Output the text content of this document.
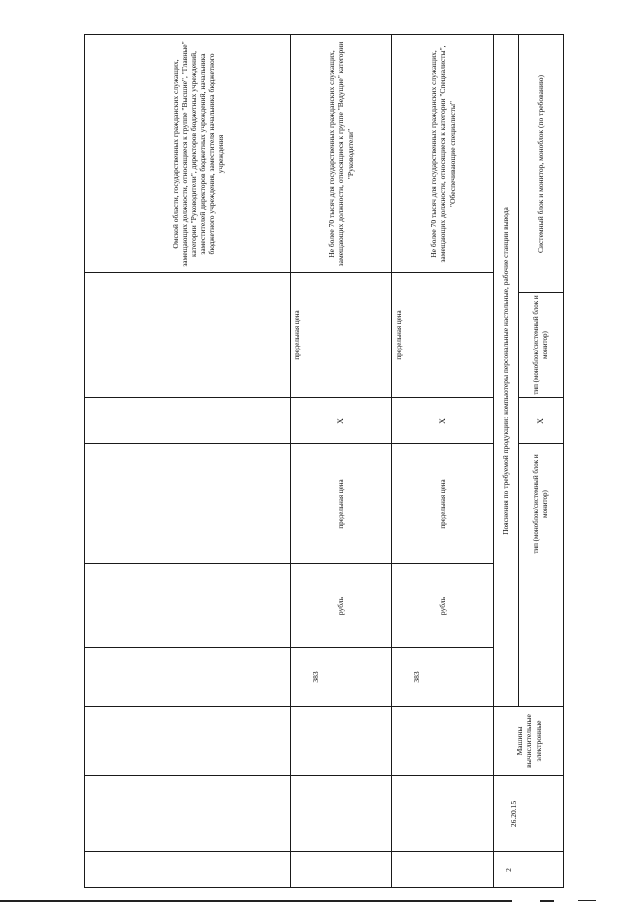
Омской области, государственных гражданских служащих, замещающих должности, относящиеся к группе "Высшие", "Главные" категории "Руководители", директоров бюджетных учреждений, заместителей директоров бюджетных учреждений, начальника бюджетного учреждения, заместителя начальника бюджетного учреждения	Не более 70 тысяч для государственных гражданских служащих, замещающих должности, относящиеся к группе "Ведущие" категории "Руководители"
предельная цена
X
предельная цена
рубль
383
Не более 70 тысяч для государственных гражданских служащих, замещающих должности, относящиеся к категории "Специалисты", "Обеспечивающие специалисты"
предельная цена
X
предельная цена
рубль
383
Пояснения по требуемой продукции: компьютеры персональные настольные, рабочие станции вывода
Машины вычислительные электронные
26.20.15
2
Системный блок и монитор, моноблок (по требованию)
тип (моноблок/системный блок и монитор)
X
тип (моноблок/системный блок и монитор)
